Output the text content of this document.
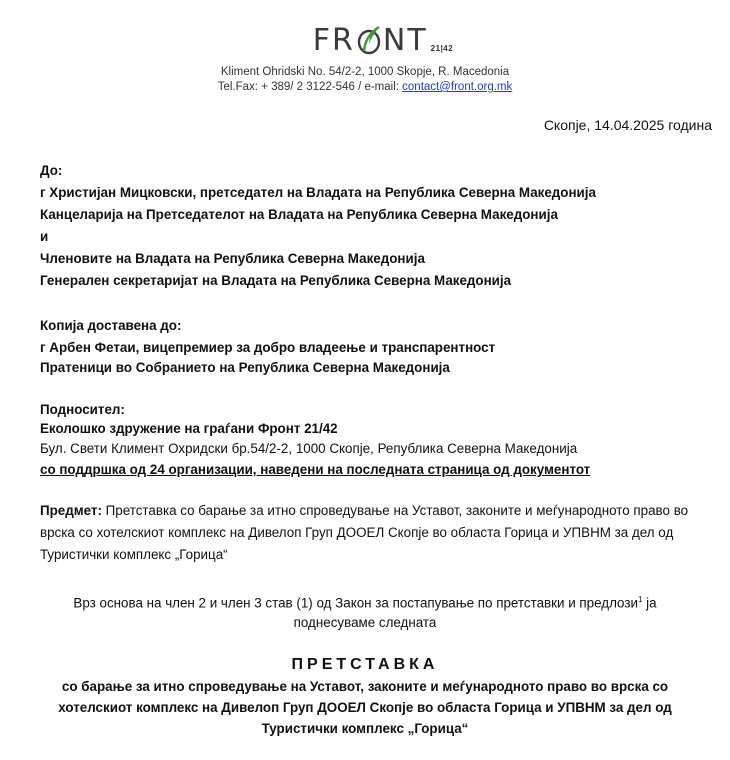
FR NT 21|42
Kliment Ohridski No. 54/2-2, 1000 Skopje, R. Macedonia
Tel.Fax: + 389/ 2 3122-546 / e-mail: contact@front.org.mk
Скопје, 14.04.2025 година
До:
г Христијан Мицковски, претседател на Владата на Република Северна Македонија
Канцеларија на Претседателот на Владата на Република Северна Македонија
и
Члeновите на Владата на Република Северна Македонија
Генерален секретаријат на Владата на Република Северна Македонија
Копија доставена до:
г Арбен Фетаи, вицепремиер за добро владеење и транспарентност
Пратеници во Собранието на Република Северна Македонија
Подносител:
Еколошко здружение на граѓани Фронт 21/42
Бул. Свети Климент Охридски бр.54/2-2, 1000 Скопје, Република Северна Македонија
со поддршка од 24 организации, наведени на последната страница од документот
Предмет: Претставка со барање за итно спроведување на Уставот, законите и меѓународното право во врска со хотелскиот комплекс на Дивелоп Груп ДООЕЛ Скопје во областа Горица и УПВНМ за дел од Туристички комплекс „Горица“
Врз основа на член 2 и член 3 став (1) од Закон за постапување по претставки и предлози$^1$ ја
поднесуваме следната
ПРЕТСТАВКА
со барање за итно спроведување на Уставот, законите и меѓународното право во врска со
хотелскиот комплекс на Дивелоп Груп ДООЕЛ Скопје во областа Горица и УПВНМ за дел од
Туристички комплекс „Горица“
